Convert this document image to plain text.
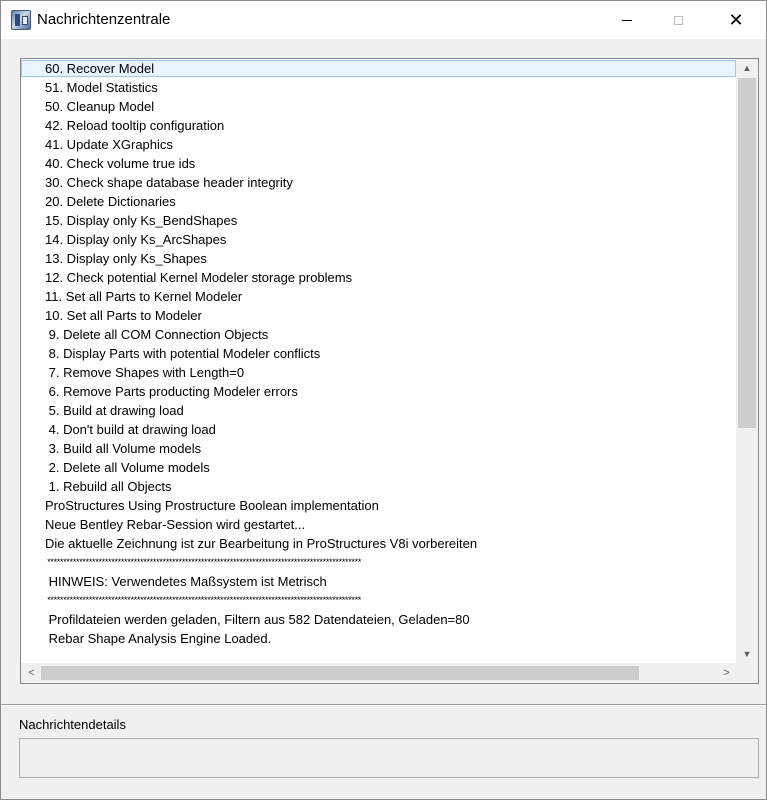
Nachrichtenzentrale	✕
60. Recover Model
51. Model Statistics
50. Cleanup Model
42. Reload tooltip configuration
41. Update XGraphics
40. Check volume true ids
30. Check shape database header integrity
20. Delete Dictionaries
15. Display only Ks_BendShapes
14. Display only Ks_ArcShapes
13. Display only Ks_Shapes
12. Check potential Kernel Modeler storage problems
11. Set all Parts to Kernel Modeler
10. Set all Parts to Modeler
9. Delete all COM Connection Objects
8. Display Parts with potential Modeler conflicts
7. Remove Shapes with Length=0
6. Remove Parts producting Modeler errors
5. Build at drawing load
4. Don't build at drawing load
3. Build all Volume models
2. Delete all Volume models
1. Rebuild all Objects
ProStructures Using Prostructure Boolean implementation
Neue Bentley Rebar-Session wird gestartet...
Die aktuelle Zeichnung ist zur Bearbeitung in ProStructures V8i vorbereiten
**************************************************************************************************
HINWEIS: Verwendetes Maßsystem ist Metrisch
**************************************************************************************************
Profildateien werden geladen, Filtern aus 582 Datendateien, Geladen=80
Rebar Shape Analysis Engine Loaded.
▲
▼
<	>
Nachrichtendetails
